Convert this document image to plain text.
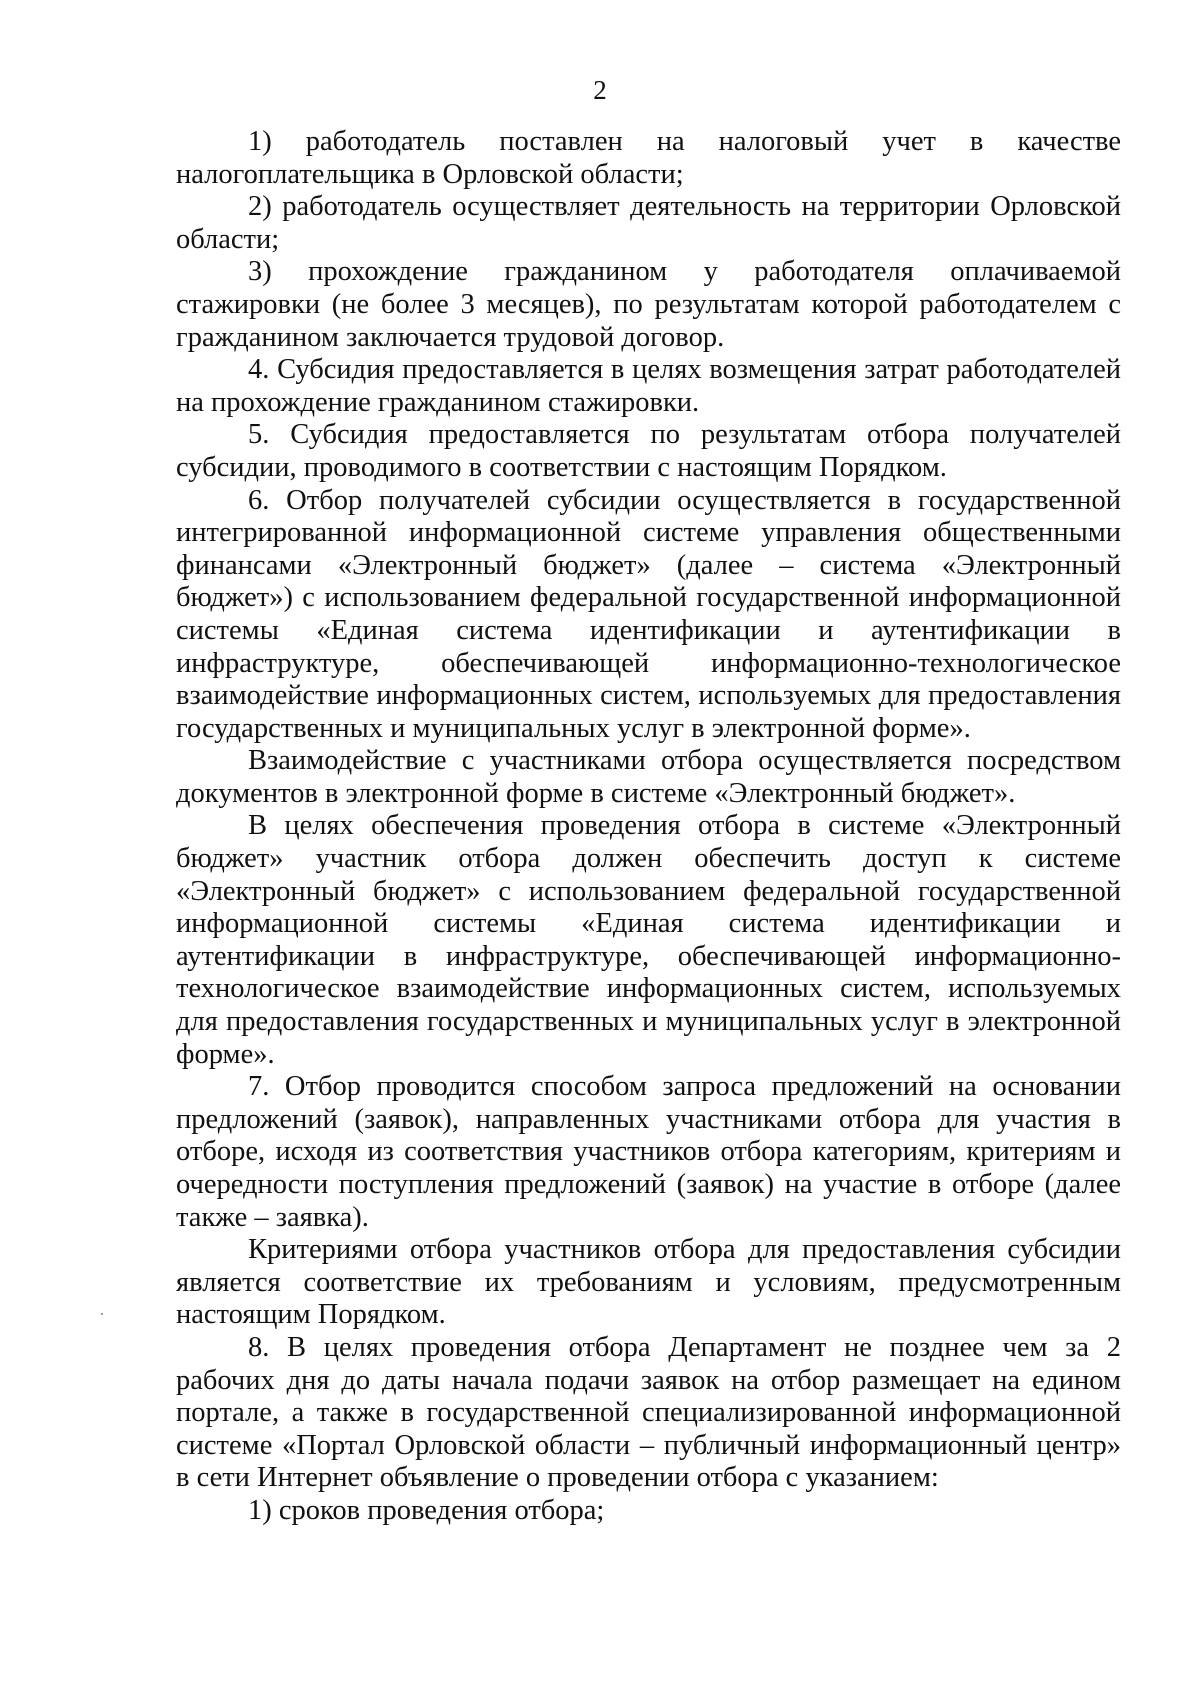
2

1) работодатель поставлен на налоговый учет в качестве налогоплательщика в Орловской области;

2) работодатель осуществляет деятельность на территории Орловской области;

3) прохождение гражданином у работодателя оплачиваемой стажировки (не более 3 месяцев), по результатам которой работодателем с гражданином заключается трудовой договор.

4. Субсидия предоставляется в целях возмещения затрат работодателей на прохождение гражданином стажировки.

5. Субсидия предоставляется по результатам отбора получателей субсидии, проводимого в соответствии с настоящим Порядком.

6. Отбор получателей субсидии осуществляется в государственной интегрированной информационной системе управления общественными финансами «Электронный бюджет» (далее – система «Электронный бюджет») с использованием федеральной государственной информационной системы «Единая система идентификации и аутентификации в инфраструктуре, обеспечивающей информационно-технологическое взаимодействие информационных систем, используемых для предоставления государственных и муниципальных услуг в электронной форме».

Взаимодействие с участниками отбора осуществляется посредством документов в электронной форме в системе «Электронный бюджет».

В целях обеспечения проведения отбора в системе «Электронный бюджет» участник отбора должен обеспечить доступ к системе «Электронный бюджет» с использованием федеральной государственной информационной системы «Единая система идентификации и аутентификации в инфраструктуре, обеспечивающей информационно-технологическое взаимодействие информационных систем, используемых для предоставления государственных и муниципальных услуг в электронной форме».

7. Отбор проводится способом запроса предложений на основании предложений (заявок), направленных участниками отбора для участия в отборе, исходя из соответствия участников отбора категориям, критериям и очередности поступления предложений (заявок) на участие в отборе (далее также – заявка).

Критериями отбора участников отбора для предоставления субсидии является соответствие их требованиям и условиям, предусмотренным настоящим Порядком.

8. В целях проведения отбора Департамент не позднее чем за 2 рабочих дня до даты начала подачи заявок на отбор размещает на едином портале, а также в государственной специализированной информационной системе «Портал Орловской области – публичный информационный центр» в сети Интернет объявление о проведении отбора с указанием:

1) сроков проведения отбора;
